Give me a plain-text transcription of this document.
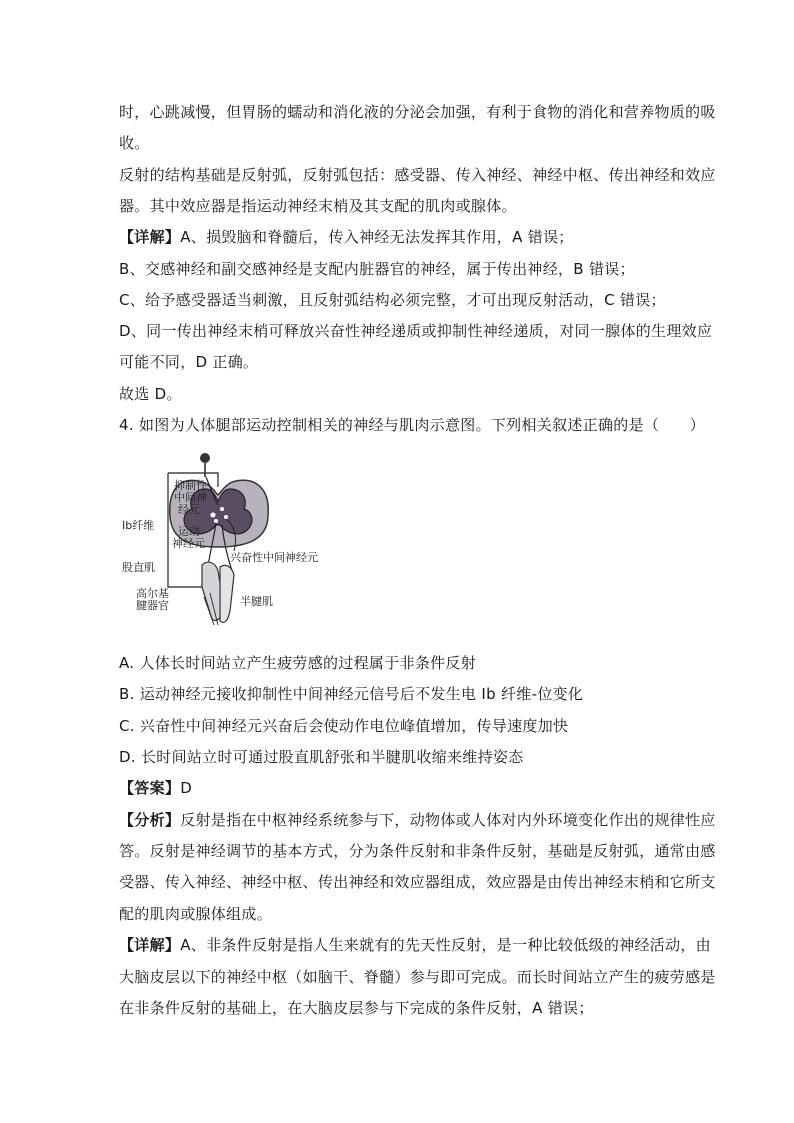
时，心跳减慢，但胃肠的蠕动和消化液的分泌会加强，有利于食物的消化和营养物质的吸
收。
反射的结构基础是反射弧，反射弧包括：感受器、传入神经、神经中枢、传出神经和效应
器。其中效应器是指运动神经末梢及其支配的肌肉或腺体。
【详解】A、损毁脑和脊髓后，传入神经无法发挥其作用，A 错误；
B、交感神经和副交感神经是支配内脏器官的神经，属于传出神经，B 错误；
C、给予感受器适当刺激，且反射弧结构必须完整，才可出现反射活动，C 错误；
D、同一传出神经末梢可释放兴奋性神经递质或抑制性神经递质，对同一腺体的生理效应
可能不同，D 正确。
故选 D。
4. 如图为人体腿部运动控制相关的神经与肌肉示意图。下列相关叙述正确的是（　　）
抑制性
中间神
经元
Ib纤维 运动
神经元
兴奋性中间神经元
股直肌
高尔基
腱器官	半腱肌
A. 人体长时间站立产生疲劳感的过程属于非条件反射
B. 运动神经元接收抑制性中间神经元信号后不发生电 Ib 纤维-位变化
C. 兴奋性中间神经元兴奋后会使动作电位峰值增加，传导速度加快
D. 长时间站立时可通过股直肌舒张和半腱肌收缩来维持姿态
【答案】D
【分析】反射是指在中枢神经系统参与下，动物体或人体对内外环境变化作出的规律性应
答。反射是神经调节的基本方式，分为条件反射和非条件反射，基础是反射弧，通常由感
受器、传入神经、神经中枢、传出神经和效应器组成，效应器是由传出神经末梢和它所支
配的肌肉或腺体组成。
【详解】A、非条件反射是指人生来就有的先天性反射，是一种比较低级的神经活动，由
大脑皮层以下的神经中枢（如脑干、脊髓）参与即可完成。而长时间站立产生的疲劳感是
在非条件反射的基础上，在大脑皮层参与下完成的条件反射，A 错误；
